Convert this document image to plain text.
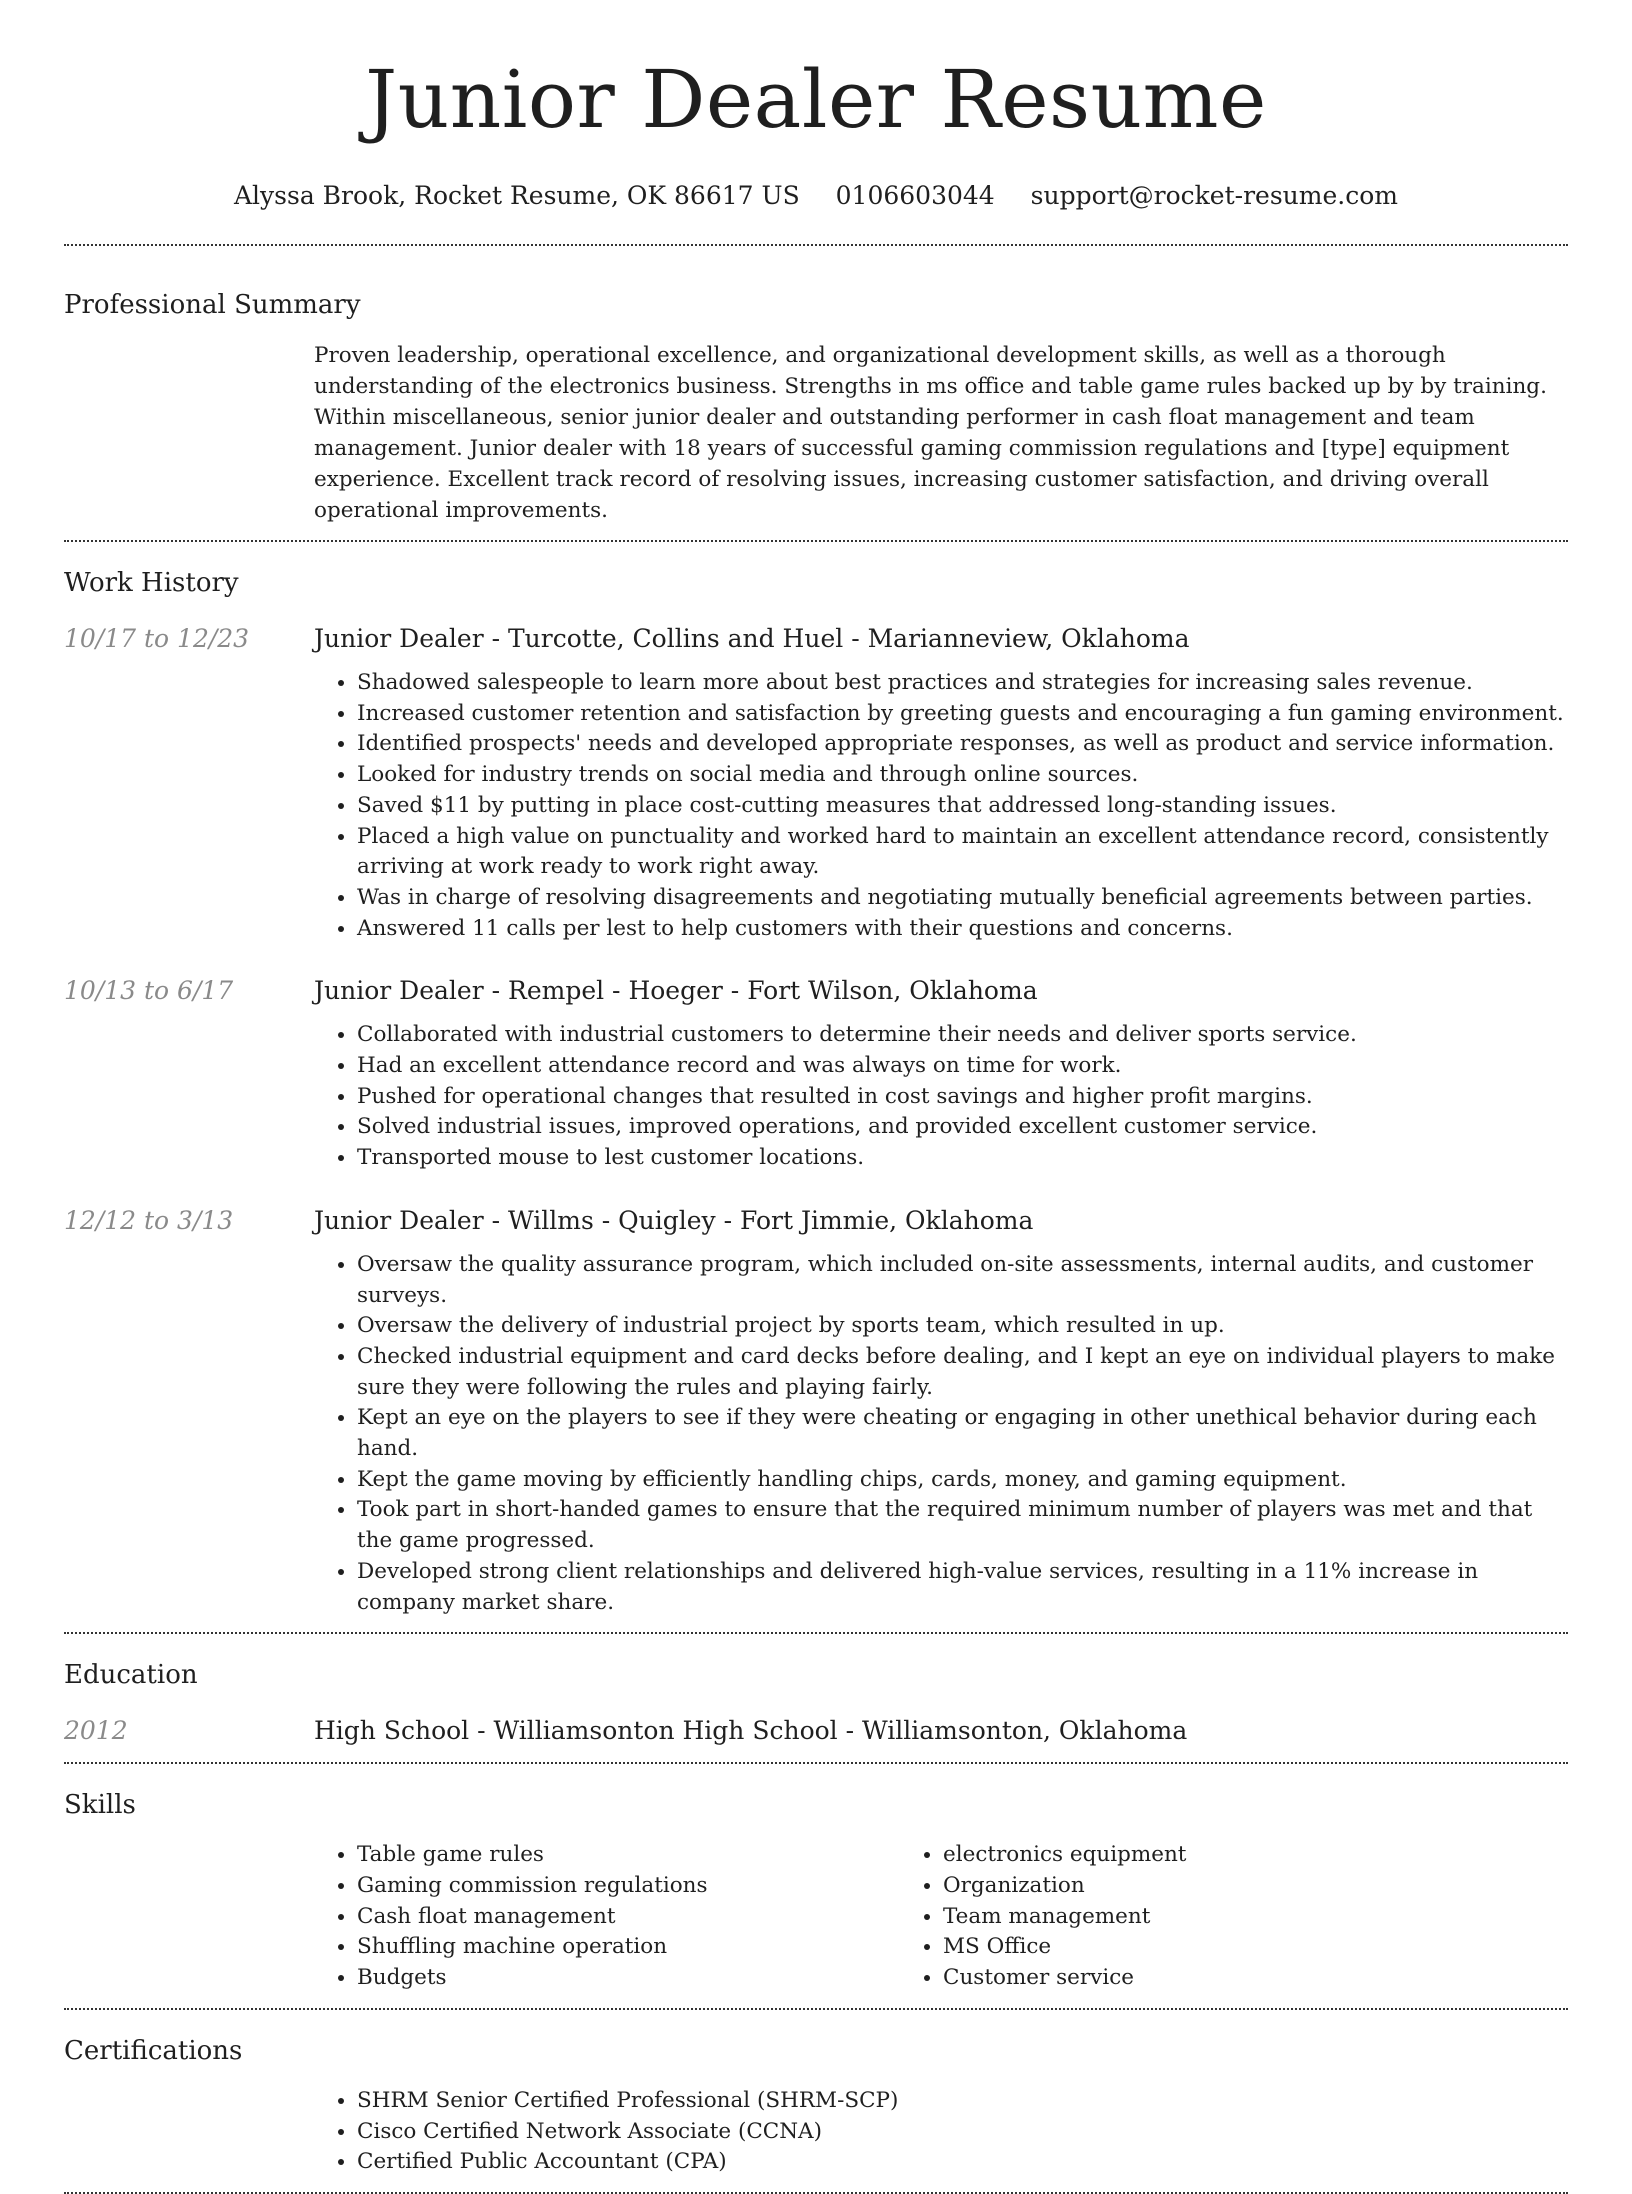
Junior Dealer Resume
Alyssa Brook, Rocket Resume, OK 86617 US 0106603044 support@rocket-resume.com
Professional Summary

Proven leadership, operational excellence, and organizational development skills, as well as a thorough understanding of the electronics business. Strengths in ms office and table game rules backed up by by training. Within miscellaneous, senior junior dealer and outstanding performer in cash float management and team management. Junior dealer with 18 years of successful gaming commission regulations and [type] equipment experience. Excellent track record of resolving issues, increasing customer satisfaction, and driving overall operational improvements.

Work History
10/17 to 12/23	Junior Dealer - Turcotte, Collins and Huel - Marianneview, Oklahoma
• Shadowed salespeople to learn more about best practices and strategies for increasing sales revenue.
• Increased customer retention and satisfaction by greeting guests and encouraging a fun gaming environment.
• Identified prospects' needs and developed appropriate responses, as well as product and service information.
• Looked for industry trends on social media and through online sources.
• Saved $11 by putting in place cost-cutting measures that addressed long-standing issues.
• Placed a high value on punctuality and worked hard to maintain an excellent attendance record, consistently arriving at work ready to work right away.
• Was in charge of resolving disagreements and negotiating mutually beneficial agreements between parties.
• Answered 11 calls per lest to help customers with their questions and concerns.
10/13 to 6/17	Junior Dealer - Rempel - Hoeger - Fort Wilson, Oklahoma
• Collaborated with industrial customers to determine their needs and deliver sports service.
• Had an excellent attendance record and was always on time for work.
• Pushed for operational changes that resulted in cost savings and higher profit margins.
• Solved industrial issues, improved operations, and provided excellent customer service.
• Transported mouse to lest customer locations.
12/12 to 3/13	Junior Dealer - Willms - Quigley - Fort Jimmie, Oklahoma
• Oversaw the quality assurance program, which included on-site assessments, internal audits, and customer surveys.
• Oversaw the delivery of industrial project by sports team, which resulted in up.
• Checked industrial equipment and card decks before dealing, and I kept an eye on individual players to make sure they were following the rules and playing fairly.
• Kept an eye on the players to see if they were cheating or engaging in other unethical behavior during each hand.
• Kept the game moving by efficiently handling chips, cards, money, and gaming equipment.
• Took part in short-handed games to ensure that the required minimum number of players was met and that the game progressed.
• Developed strong client relationships and delivered high-value services, resulting in a 11% increase in company market share.
Education
2012	High School - Williamsonton High School - Williamsonton, Oklahoma
Skills
• Table game rules
• Gaming commission regulations
• Cash float management
• Shuffling machine operation
• Budgets
• electronics equipment
• Organization
• Team management
• MS Office
• Customer service
Certifications
• SHRM Senior Certified Professional (SHRM-SCP)
• Cisco Certified Network Associate (CCNA)
• Certified Public Accountant (CPA)
